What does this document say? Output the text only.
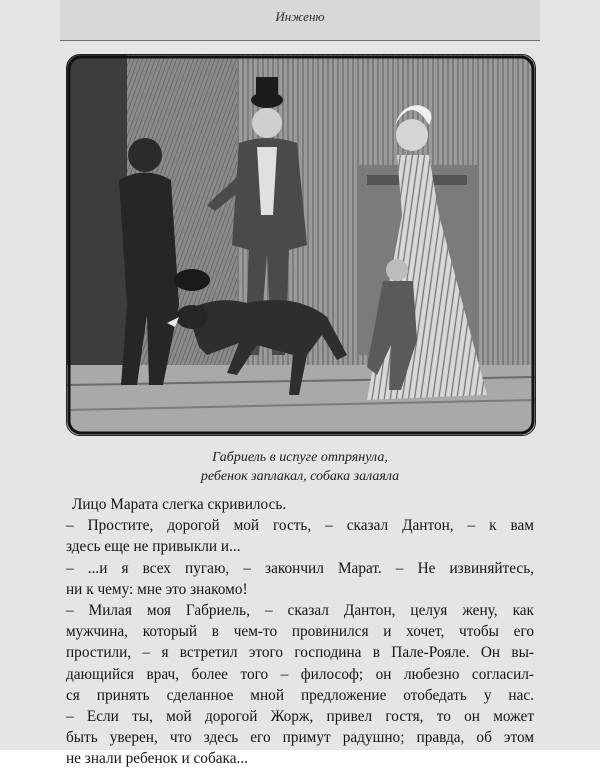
Инженю
Габриель в испуге отпрянула,
ребенок заплакал, собака залаяла
Лицо Марата слегка скривилось.
– Простите, дорогой мой гость, – сказал Дантон, – к вам
здесь еще не привыкли и...
– ...и я всех пугаю, – закончил Марат. – Не извиняйтесь,
ни к чему: мне это знакомо!
– Милая моя Габриель, – сказал Дантон, целуя жену, как
мужчина, который в чем-то провинился и хочет, чтобы его
простили, – я встретил этого господина в Пале-Рояле. Он вы-
дающийся врач, более того – философ; он любезно согласил-
ся принять сделанное мной предложение отобедать у нас.
– Если ты, мой дорогой Жорж, привел гостя, то он может
быть уверен, что здесь его примут радушно; правда, об этом
не знали ребенок и собака...
